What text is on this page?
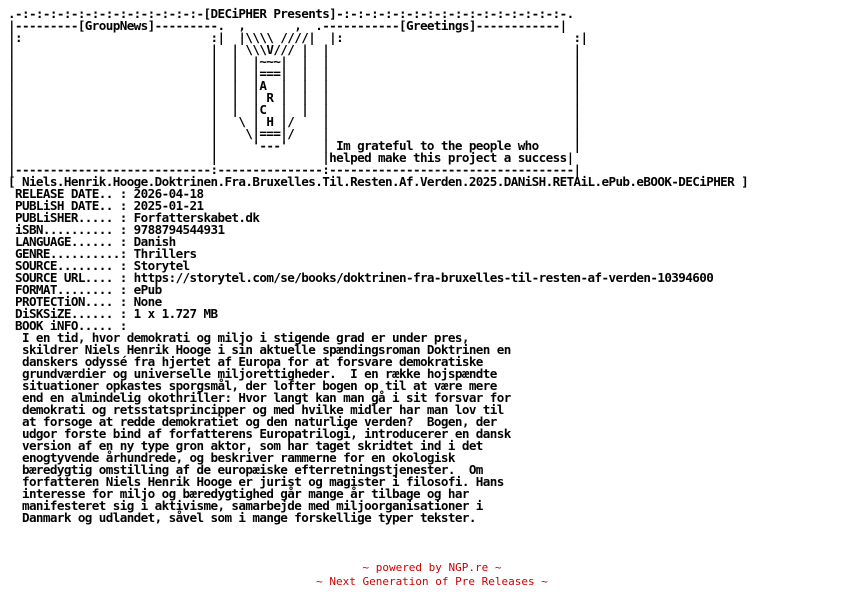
.-:-:-:-:-:-:-:-:-:-:-:-:-:-[DECiPHER Presents]-:-:-:-:-:-:-:-:-:-:-:-:-:-:-:-:-.
|---------[GroupNews]---------.  ,       ,  .-----------[Greetings]------------|
|:                           :|  |\\\\ ////|  |:                                 :|
|                            |  | \\\V/// |  |                                   |
|                            |  |  |~~~|  |  |                                   |
|                            |  |  |===|  |  |                                   |
|                            |  |  |A  |  |  |                                   |
|                            |  |  | R |  |  |                                   |
|                            |  |  |C  |  |  |                                   |
|                            |   \ | H |/    |                                   |
|                            |    \|===|/    |                                   |
|                            |     '---'     | Im grateful to the people who     |
|                            |               |helped make this project a success|
|----------------------------:---------------:-----------------------------------|
[ Niels.Henrik.Hooge.Doktrinen.Fra.Bruxelles.Til.Resten.Af.Verden.2025.DANiSH.RETAiL.ePub.eBOOK-DECiPHER ]
RELEASE DATE.. : 2026-04-18
PUBLiSH DATE.. : 2025-01-21
PUBLiSHER..... : Forfatterskabet.dk
iSBN.......... : 9788794544931
LANGUAGE...... : Danish
GENRE..........: Thrillers
SOURCE........ : Storytel
SOURCE URL.... : https://storytel.com/se/books/doktrinen-fra-bruxelles-til-resten-af-verden-10394600
FORMAT........ : ePub
PROTECTiON.... : None
DiSKSiZE...... : 1 x 1.727 MB
BOOK iNFO..... :
I en tid, hvor demokrati og miljo i stigende grad er under pres,
skildrer Niels Henrik Hooge i sin aktuelle spændingsroman Doktrinen en
danskers odyssé fra hjertet af Europa for at forsvare demokratiske
grundværdier og universelle miljorettigheder.  I en række hojspændte
situationer opkastes sporgsmål, der lofter bogen op til at være mere
end en almindelig okothriller: Hvor langt kan man gå i sit forsvar for
demokrati og retsstatsprincipper og med hvilke midler har man lov til
at forsoge at redde demokratiet og den naturlige verden?  Bogen, der
udgor forste bind af forfatterens Europatrilogi, introducerer en dansk
version af en ny type gron aktor, som har taget skridtet ind i det
enogtyvende århundrede, og beskriver rammerne for en okologisk
bæredygtig omstilling af de europæiske efterretningstjenester.  Om
forfatteren Niels Henrik Hooge er jurist og magister i filosofi. Hans
interesse for miljo og bæredygtighed går mange år tilbage og har
manifesteret sig i aktivisme, samarbejde med miljoorganisationer i
Danmark og udlandet, såvel som i mange forskellige typer tekster.
~ powered by NGP.re ~
~ Next Generation of Pre Releases ~
